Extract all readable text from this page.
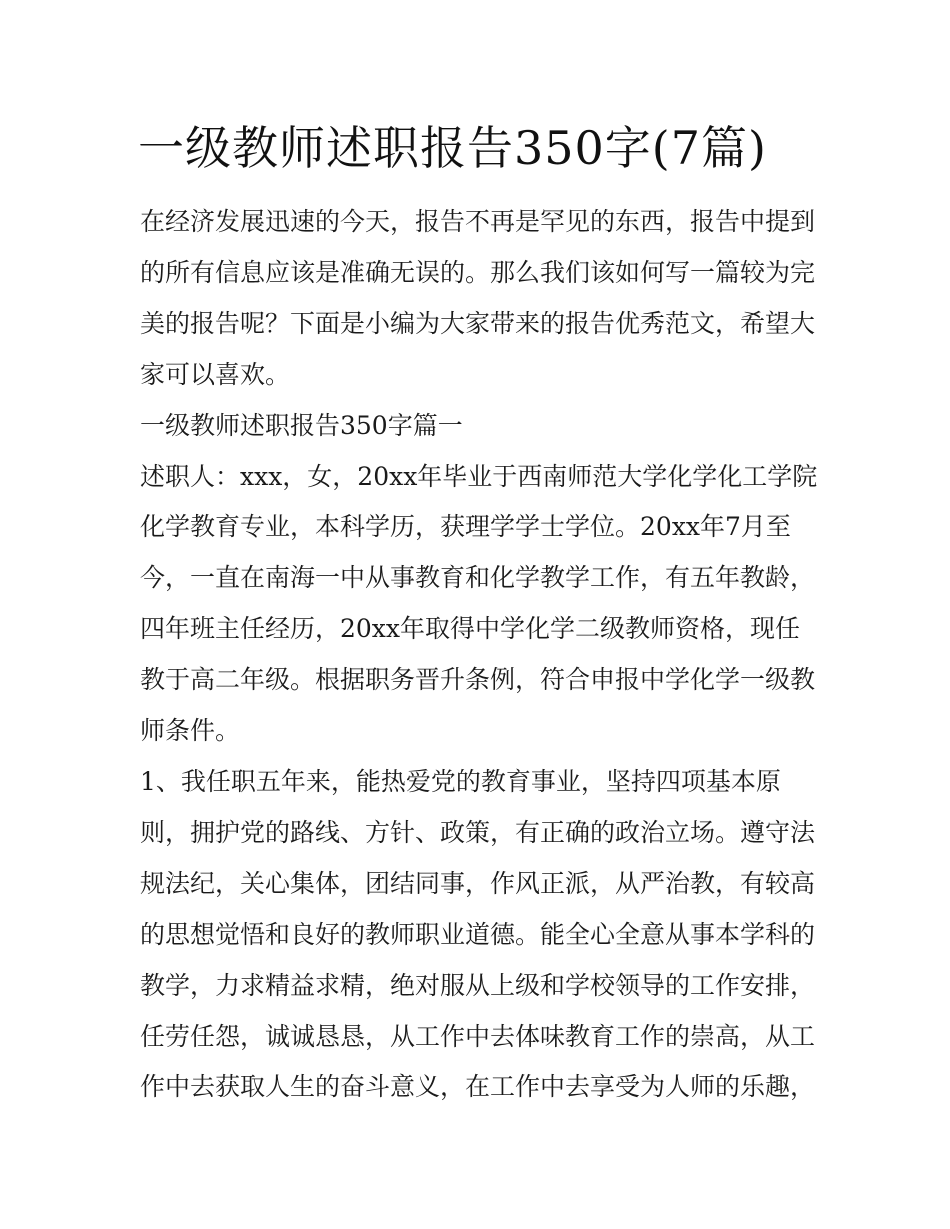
一级教师述职报告350字(7篇)
在经济发展迅速的今天，报告不再是罕见的东西，报告中提到
的所有信息应该是准确无误的。那么我们该如何写一篇较为完
美的报告呢？下面是小编为大家带来的报告优秀范文，希望大
家可以喜欢。
一级教师述职报告350字篇一
述职人：xxx，女，20xx年毕业于西南师范大学化学化工学院
化学教育专业，本科学历，获理学学士学位。20xx年7月至
今，一直在南海一中从事教育和化学教学工作，有五年教龄，
四年班主任经历，20xx年取得中学化学二级教师资格，现任
教于高二年级。根据职务晋升条例，符合申报中学化学一级教
师条件。
1、我任职五年来，能热爱党的教育事业，坚持四项基本原
则，拥护党的路线、方针、政策，有正确的政治立场。遵守法
规法纪，关心集体，团结同事，作风正派，从严治教，有较高
的思想觉悟和良好的教师职业道德。能全心全意从事本学科的
教学，力求精益求精，绝对服从上级和学校领导的工作安排，
任劳任怨，诚诚恳恳，从工作中去体味教育工作的崇高，从工
作中去获取人生的奋斗意义，在工作中去享受为人师的乐趣，
